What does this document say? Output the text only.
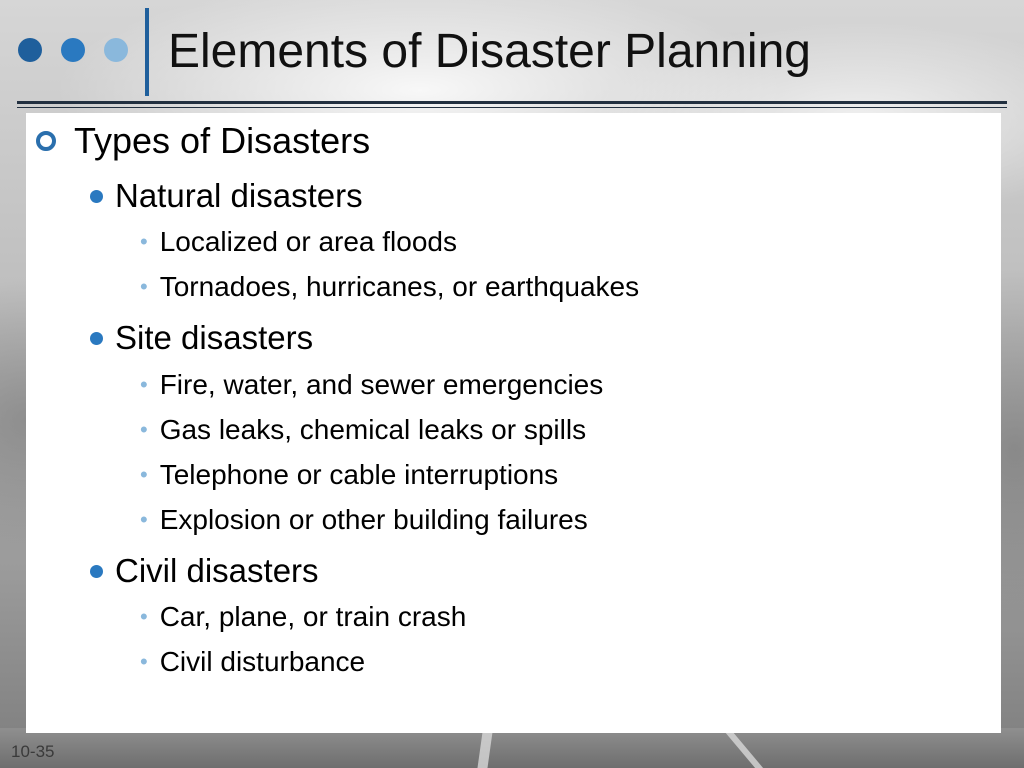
Elements of Disaster Planning
Types of Disasters
Natural disasters
• Localized or area floods
• Tornadoes, hurricanes, or earthquakes
Site disasters
• Fire, water, and sewer emergencies
• Gas leaks, chemical leaks or spills
• Telephone or cable interruptions
• Explosion or other building failures
Civil disasters
• Car, plane, or train crash
• Civil disturbance
10-35
